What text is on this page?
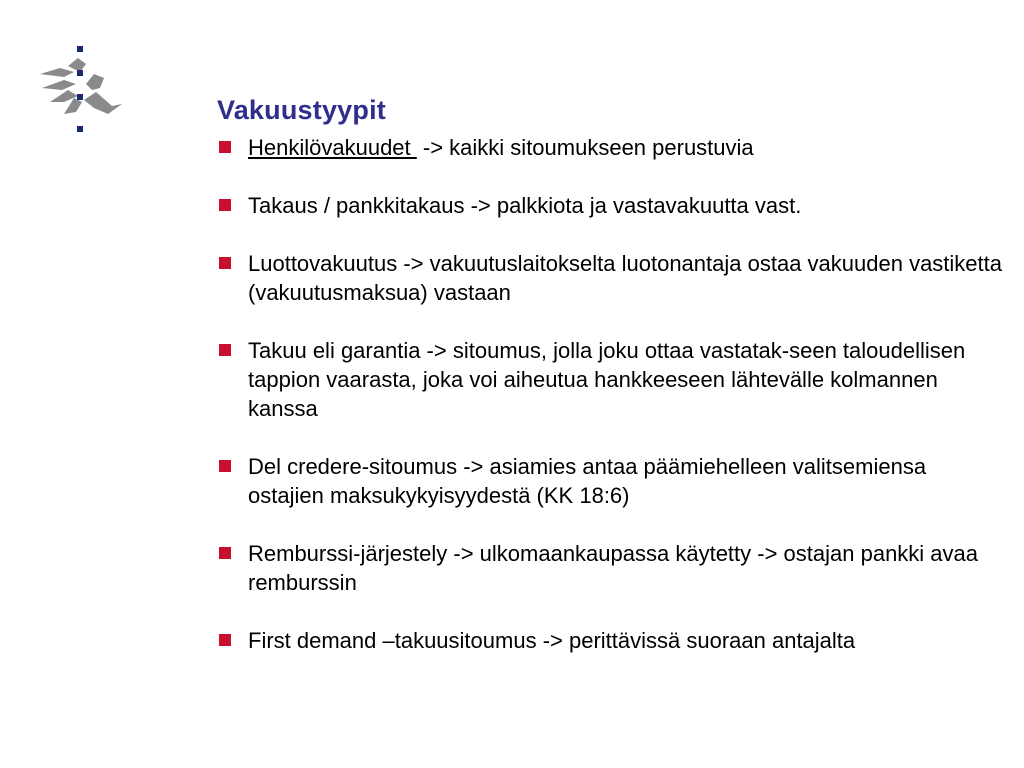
Vakuustyypit
Henkilövakuudet  -> kaikki sitoumukseen perustuvia
Takaus / pankkitakaus -> palkkiota ja vastavakuutta vast.
Luottovakuutus -> vakuutuslaitokselta luotonantaja ostaa vakuuden vastiketta (vakuutusmaksua) vastaan
Takuu eli garantia -> sitoumus, jolla joku ottaa vastatak-seen taloudellisen tappion vaarasta, joka voi aiheutua hankkeeseen lähtevälle kolmannen kanssa
Del credere-sitoumus -> asiamies antaa päämiehelleen valitsemiensa ostajien maksukykyisyydestä (KK 18:6)
Remburssi-järjestely -> ulkomaankaupassa käytetty -> ostajan pankki avaa remburssin
First demand –takuusitoumus -> perittävissä suoraan antajalta
